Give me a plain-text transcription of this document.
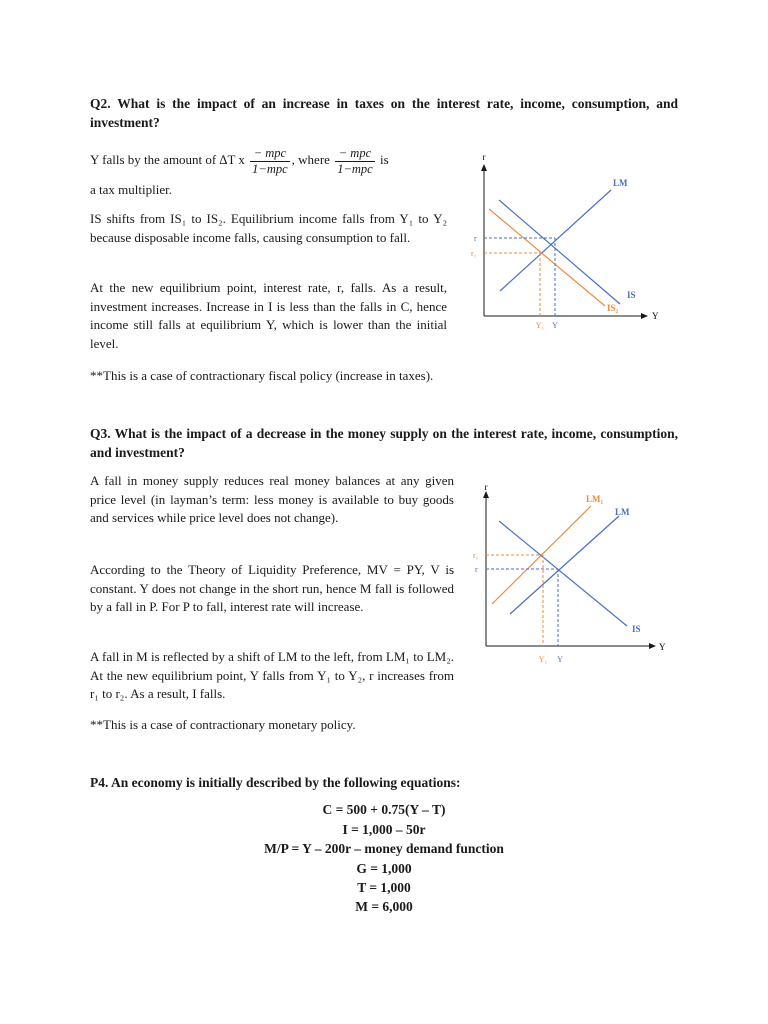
Q2. What is the impact of an increase in taxes on the interest rate, income, consumption, and investment?
Y falls by the amount of ∆T x $\frac{\text{− mpc}}{\text{1−mpc}}$ , where $\frac{\text{− mpc}}{\text{1−mpc}}$ is
a tax multiplier.
IS shifts from IS₁ to IS₂. Equilibrium income falls from Y₁ to Y₂ because disposable income falls, causing consumption to fall.
At the new equilibrium point, interest rate, r, falls. As a result, investment increases. Increase in I is less than the falls in C, hence income still falls at equilibrium Y, which is lower than the initial level.
**This is a case of contractionary fiscal policy (increase in taxes).
r
Y
LM
IS
IS₂
r
r₁
Y₁ Y
Q3. What is the impact of a decrease in the money supply on the interest rate, income, consumption, and investment?
A fall in money supply reduces real money balances at any given price level (in layman’s term: less money is available to buy goods and services while price level does not change).
According to the Theory of Liquidity Preference, MV = PY, V is constant. Y does not change in the short run, hence M fall is followed by a fall in P. For P to fall, interest rate will increase.
A fall in M is reflected by a shift of LM to the left, from LM₁ to LM₂. At the new equilibrium point, Y falls from Y₁ to Y₂, r increases from r₁ to r₂. As a result, I falls.
**This is a case of contractionary monetary policy.
r
Y
LM₁
LM
IS
r₁
r
Y₁ Y
P4. An economy is initially described by the following equations:
C = 500 + 0.75(Y – T)
I = 1,000 – 50r
M/P = Y – 200r – money demand function
G = 1,000
T = 1,000
M = 6,000
